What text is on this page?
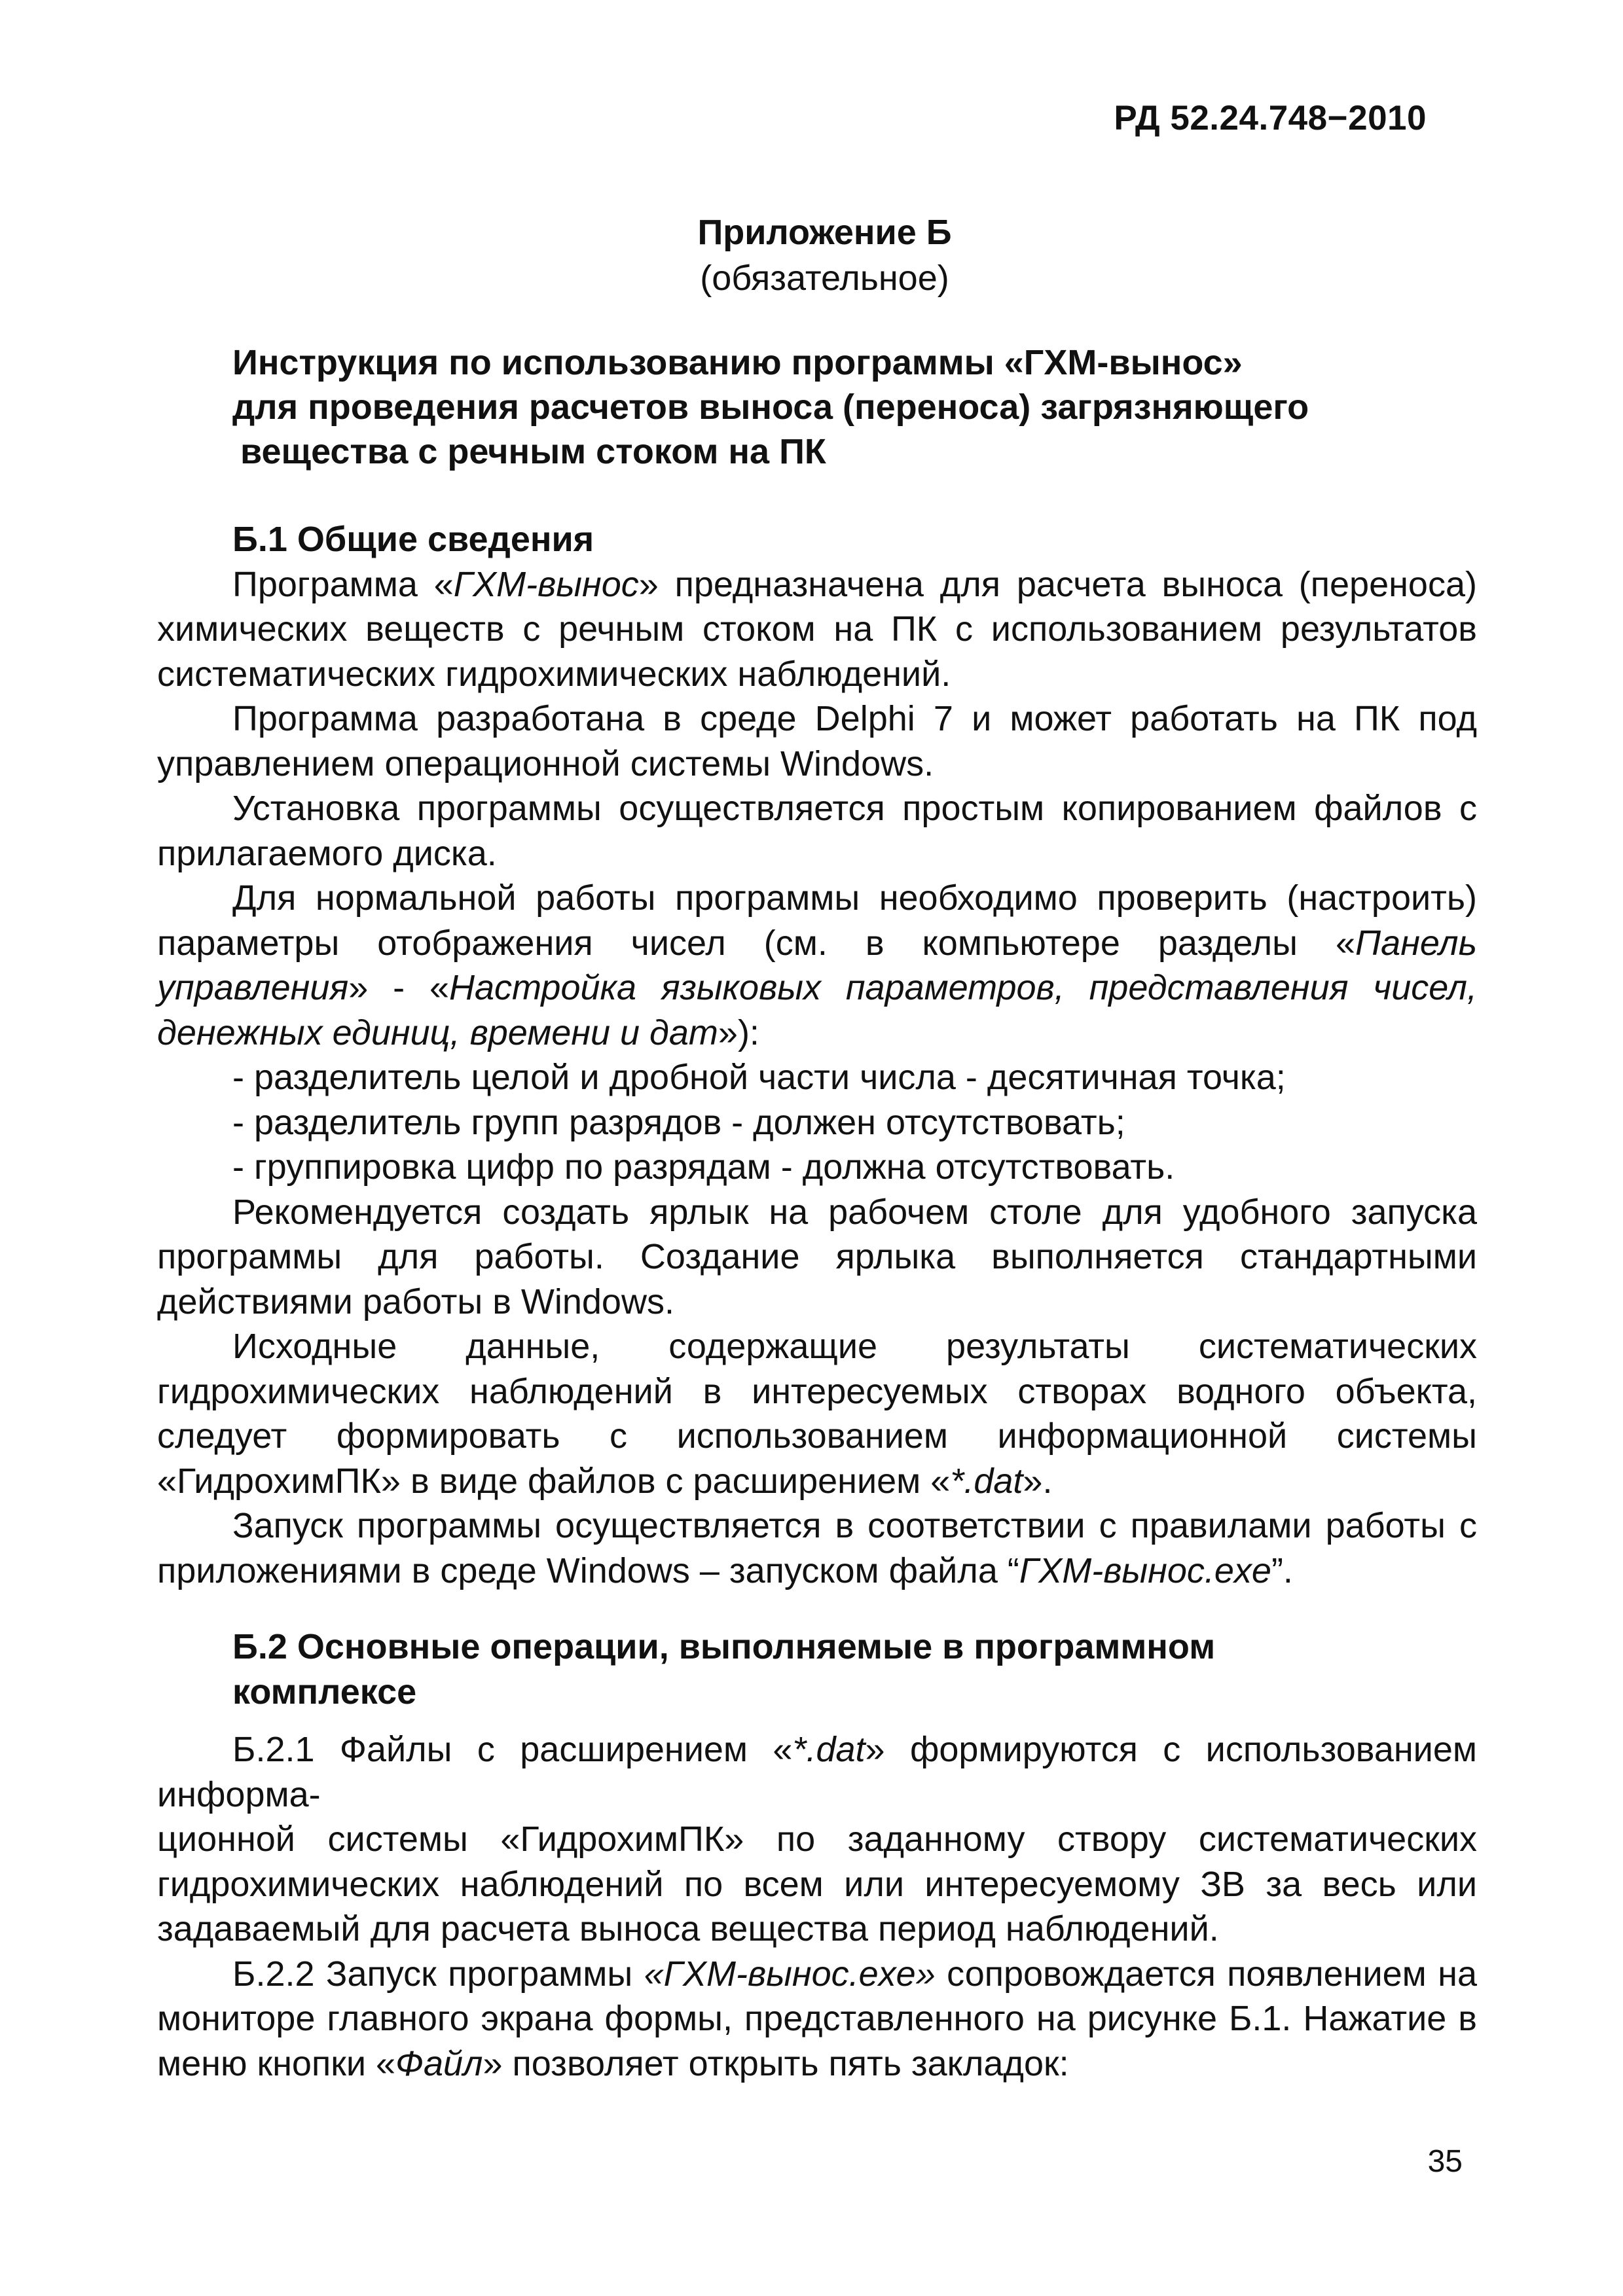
РД 52.24.748−2010
Приложение Б
(обязательное)
Инструкция по использованию программы «ГХМ-вынос»
для проведения расчетов выноса (переноса) загрязняющего
вещества с речным стоком на ПК
Б.1 Общие сведения
Программа «ГХМ-вынос» предназначена для расчета выноса (переноса) химических веществ с речным стоком на ПК с использованием результатов систематических гидрохимических наблюдений.
Программа разработана в среде Delphi 7 и может работать на ПК под управлением операционной системы Windows.
Установка программы осуществляется простым копированием файлов с прилагаемого диска.
Для нормальной работы программы необходимо проверить (настроить) параметры отображения чисел (см. в компьютере разделы «Панель управления» - «Настройка языковых параметров, представления чисел, денежных единиц, времени и дат»):
- разделитель целой и дробной части числа - десятичная точка;
- разделитель групп разрядов - должен отсутствовать;
- группировка цифр по разрядам - должна отсутствовать.
Рекомендуется создать ярлык на рабочем столе для удобного запуска программы для работы. Создание ярлыка выполняется стандартными действиями работы в Windows.
Исходные данные, содержащие результаты систематических гидрохимических наблюдений в интересуемых створах водного объекта, следует формировать с использованием информационной системы «ГидрохимПК» в виде файлов с расширением «*.dat».
Запуск программы осуществляется в соответствии с правилами работы с приложениями в среде Windows – запуском файла “ГХМ-вынос.exe”.
Б.2 Основные операции, выполняемые в программном
комплексе
Б.2.1 Файлы с расширением «*.dat» формируются с использованием информа-
ционной системы «ГидрохимПК» по заданному створу систематических гидрохимических наблюдений по всем или интересуемому ЗВ за весь или задаваемый для расчета выноса вещества период наблюдений.
Б.2.2 Запуск программы «ГХМ-вынос.exe» сопровождается появлением на мониторе главного экрана формы, представленного на рисунке Б.1. Нажатие в меню кнопки «Файл» позволяет открыть пять закладок:
35
